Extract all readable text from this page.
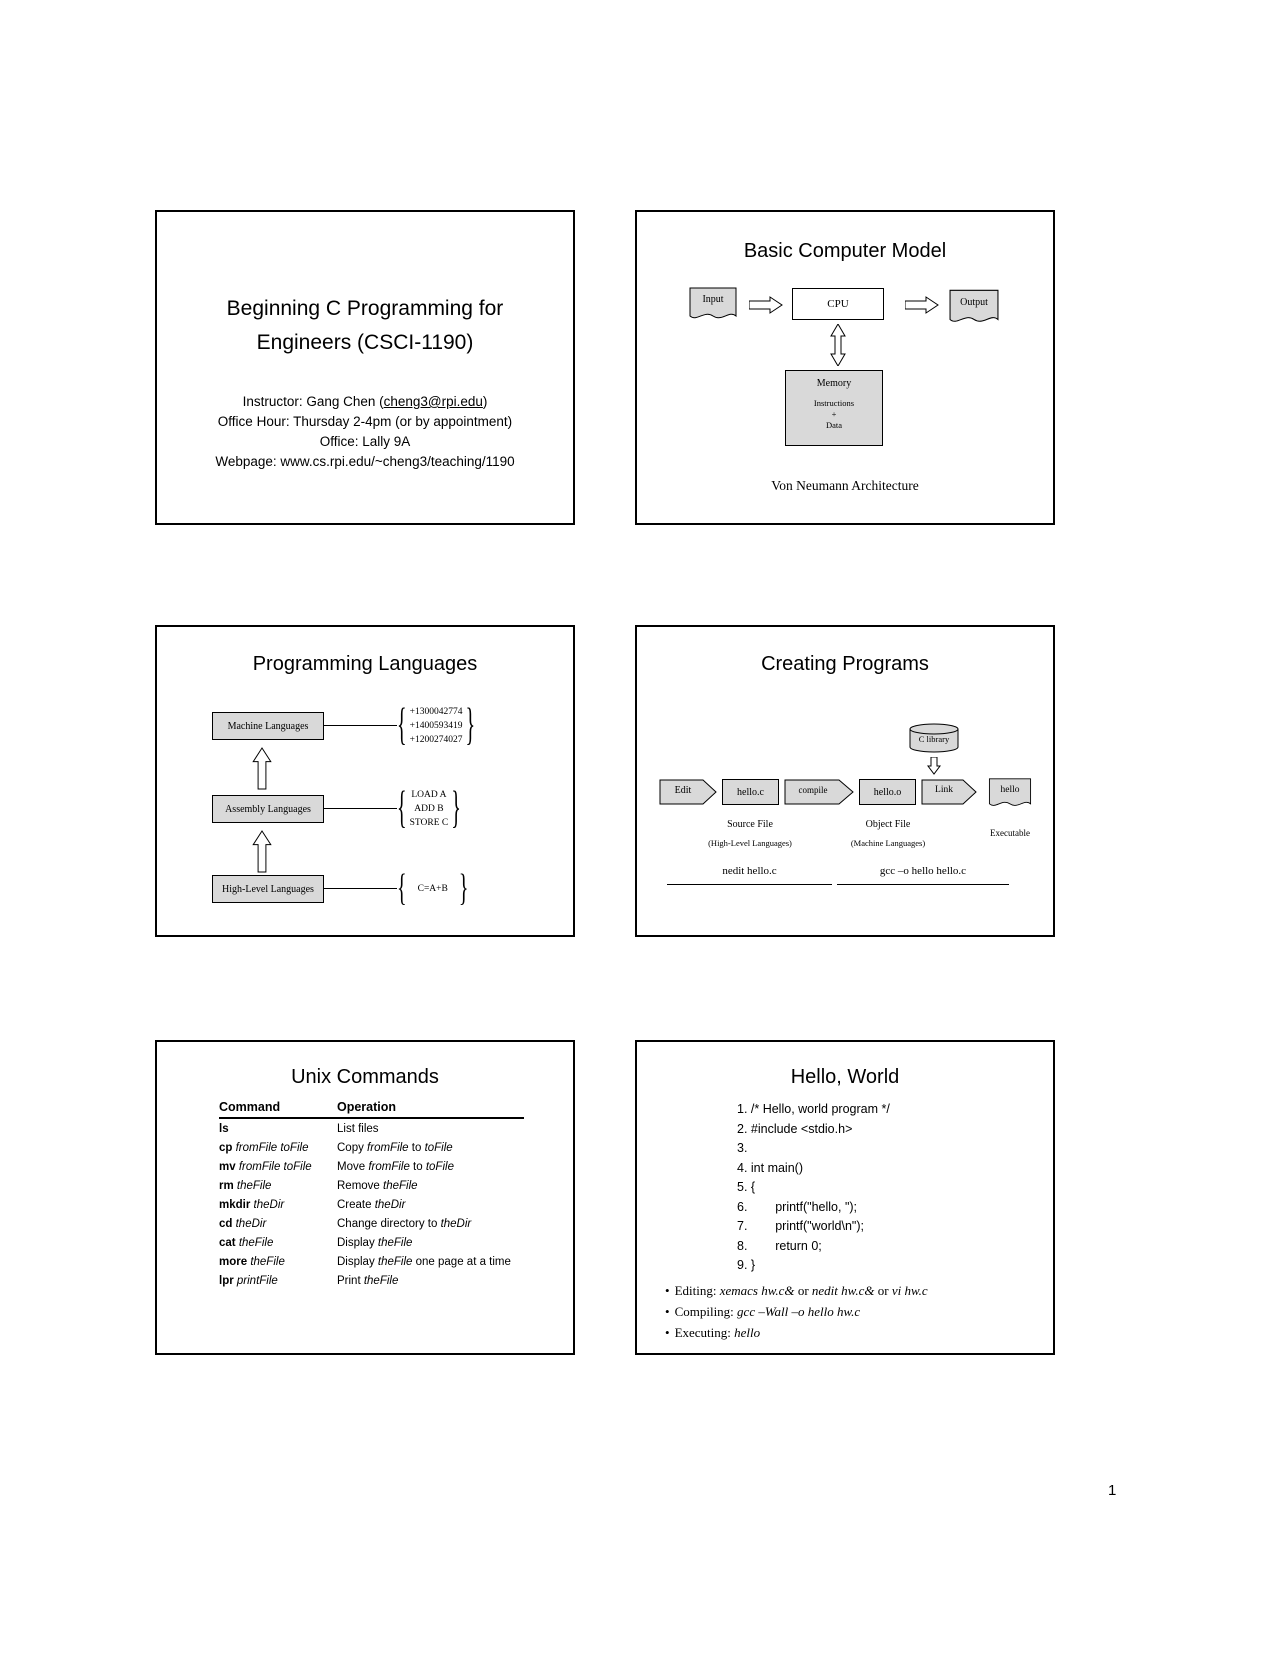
Beginning C Programming for
Engineers (CSCI-1190)
Instructor: Gang Chen (cheng3@rpi.edu)
Office Hour: Thursday 2-4pm (or by appointment)
Office: Lally 9A
Webpage: www.cs.rpi.edu/~cheng3/teaching/1190
Basic Computer Model
Input	CPU	Output
Memory
Instructions
+
Data
Von Neumann Architecture
Programming Languages
Machine Languages
Assembly Languages
High-Level Languages
{ +1300042774
+1400593419
+1200274027 }
{ LOAD A
ADD B
STORE C }
{ C=A+B }
Creating Programs
C library
Edit	hello.c	compile	hello.o	Link	hello
Source File
(High-Level Languages)
Object File
(Machine Languages)
Executable
nedit hello.c	gcc –o hello hello.c
Unix Commands
Command	Operation
ls	List files
cp fromFile toFile	Copy fromFile to toFile
mv fromFile toFile	Move fromFile to toFile
rm theFile	Remove theFile
mkdir theDir	Create theDir
cd theDir	Change directory to theDir
cat theFile	Display theFile
more theFile	Display theFile one page at a time
lpr printFile	Print theFile
Hello, World
1. /* Hello, world program */
2. #include <stdio.h>
3.
4. int main()
5. {
6.        printf("hello, ");
7.        printf("world\n");
8.        return 0;
9. }
• Editing: xemacs hw.c& or nedit hw.c& or vi hw.c
• Compiling: gcc –Wall –o hello hw.c
• Executing: hello
1
